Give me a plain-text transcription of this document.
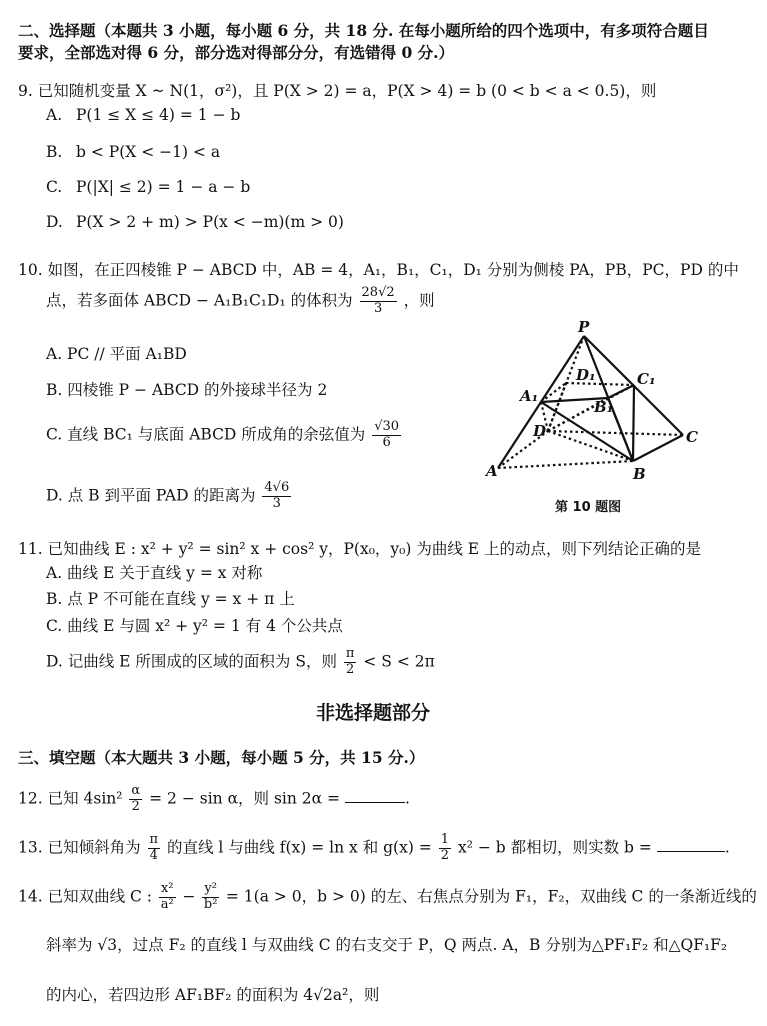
二、选择题（本题共 3 小题，每小题 6 分，共 18 分. 在每小题所给的四个选项中，有多项符合题目
要求，全部选对得 6 分，部分选对得部分分，有选错得 0 分.）
9. 已知随机变量 X ~ N(1，σ²)，且 P(X > 2) = a，P(X > 4) = b (0 < b < a < 0.5)，则
A. P(1 ≤ X ≤ 4) = 1 − b
B. b < P(X < −1) < a
C. P(|X| ≤ 2) = 1 − a − b
D. P(X > 2 + m) > P(x < −m)(m > 0)
10. 如图，在正四棱锥 P − ABCD 中，AB = 4，A₁，B₁，C₁，D₁ 分别为侧棱 PA，PB，PC，PD 的中
点，若多面体 ABCD − A₁B₁C₁D₁ 的体积为 $\frac{28√2}{3}$ ，则
A. PC // 平面 A₁BD
B. 四棱锥 P − ABCD 的外接球半径为 2
C. 直线 BC₁ 与底面 ABCD 所成角的余弦值为 $\frac{√30}{6}$
D. 点 B 到平面 PAD 的距离为 $\frac{4√6}{3}$
P
D₁	C₁
A₁
B₁
D	C
A	B
第 10 题图
11. 已知曲线 E : x² + y² = sin² x + cos² y，P(x₀，y₀) 为曲线 E 上的动点，则下列结论正确的是
A. 曲线 E 关于直线 y = x 对称
B. 点 P 不可能在直线 y = x + π 上
C. 曲线 E 与圆 x² + y² = 1 有 4 个公共点
D. 记曲线 E 所围成的区域的面积为 S，则 $\frac{\pi}{2} < S < 2\pi$
非选择题部分
三、填空题（本大题共 3 小题，每小题 5 分，共 15 分.）
12. 已知 $4\sin^2 \frac{\alpha}{2} = 2 - \sin \alpha$，则 sin 2α =	.
13. 已知倾斜角为 $\frac{\pi}{4}$ 的直线 l 与曲线 f(x) = ln x 和 $g(x) = \frac{1}{2} x^2 - b$ 都相切，则实数 b =	.
14. 已知双曲线 C : $\frac{\text{x²}}{\text{a²}} - \frac{\text{y²}}{\text{b²}} = 1(a > 0$，b > 0) 的左、右焦点分别为 F₁，F₂，双曲线 C 的一条渐近线的
斜率为 √3，过点 F₂ 的直线 l 与双曲线 C 的右支交于 P，Q 两点. A，B 分别为△PF₁F₂ 和△QF₁F₂
的内心，若四边形 AF₁BF₂ 的面积为 4√2a²，则
